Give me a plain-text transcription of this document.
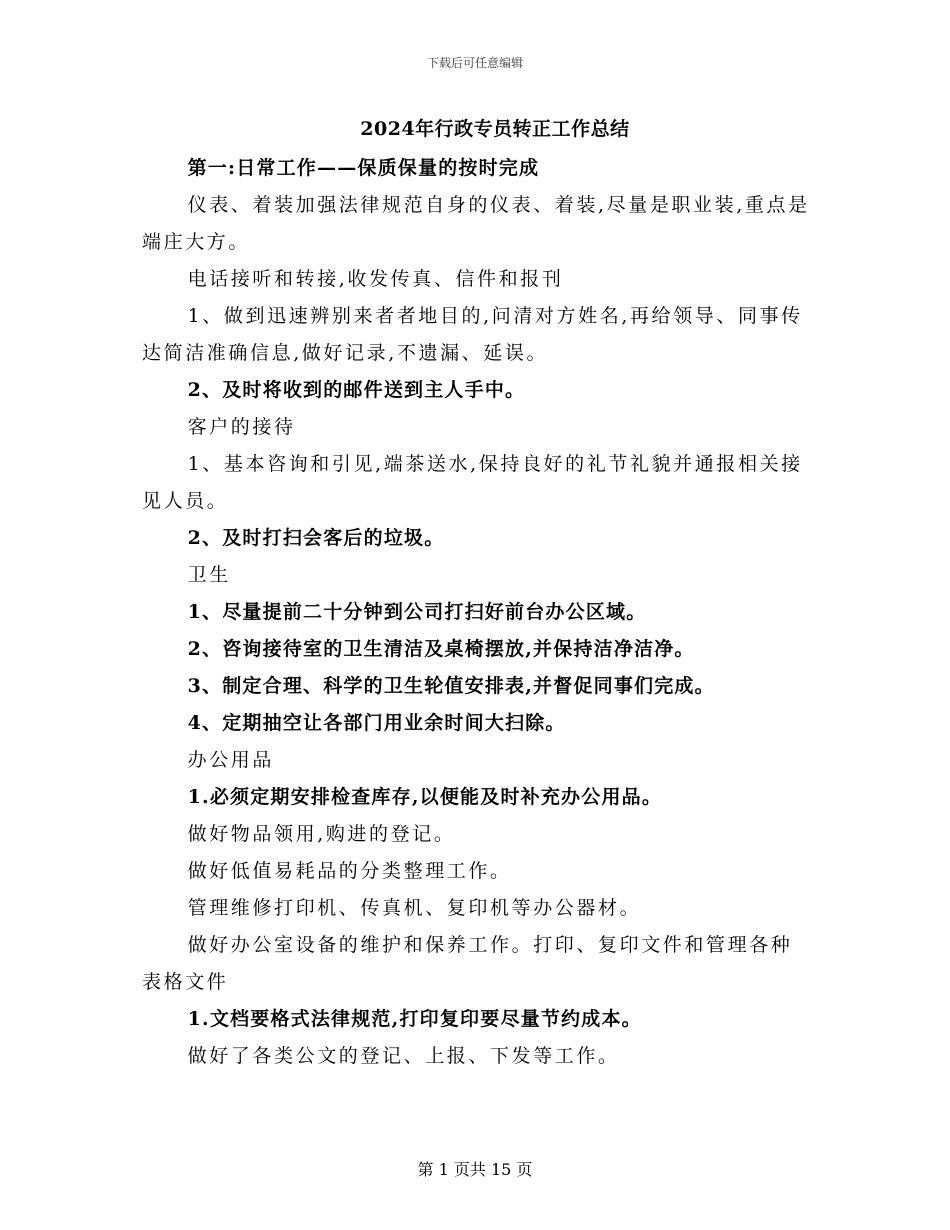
下载后可任意编辑
2024年行政专员转正工作总结

第一:日常工作——保质保量的按时完成

仪表、着装加强法律规范自身的仪表、着装,尽量是职业装,重点是端庄大方。

电话接听和转接,收发传真、信件和报刊

1、做到迅速辨别来者者地目的,问清对方姓名,再给领导、同事传达简洁准确信息,做好记录,不遗漏、延误。

2、及时将收到的邮件送到主人手中。

客户的接待

1、基本咨询和引见,端茶送水,保持良好的礼节礼貌并通报相关接见人员。

2、及时打扫会客后的垃圾。

卫生

1、尽量提前二十分钟到公司打扫好前台办公区域。

2、咨询接待室的卫生清洁及桌椅摆放,并保持洁净洁净。

3、制定合理、科学的卫生轮值安排表,并督促同事们完成。

4、定期抽空让各部门用业余时间大扫除。

办公用品

1.必须定期安排检查库存,以便能及时补充办公用品。

做好物品领用,购进的登记。

做好低值易耗品的分类整理工作。

管理维修打印机、传真机、复印机等办公器材。

做好办公室设备的维护和保养工作。打印、复印文件和管理各种表格文件

1.文档要格式法律规范,打印复印要尽量节约成本。

做好了各类公文的登记、上报、下发等工作。

第 1 页共 15 页
